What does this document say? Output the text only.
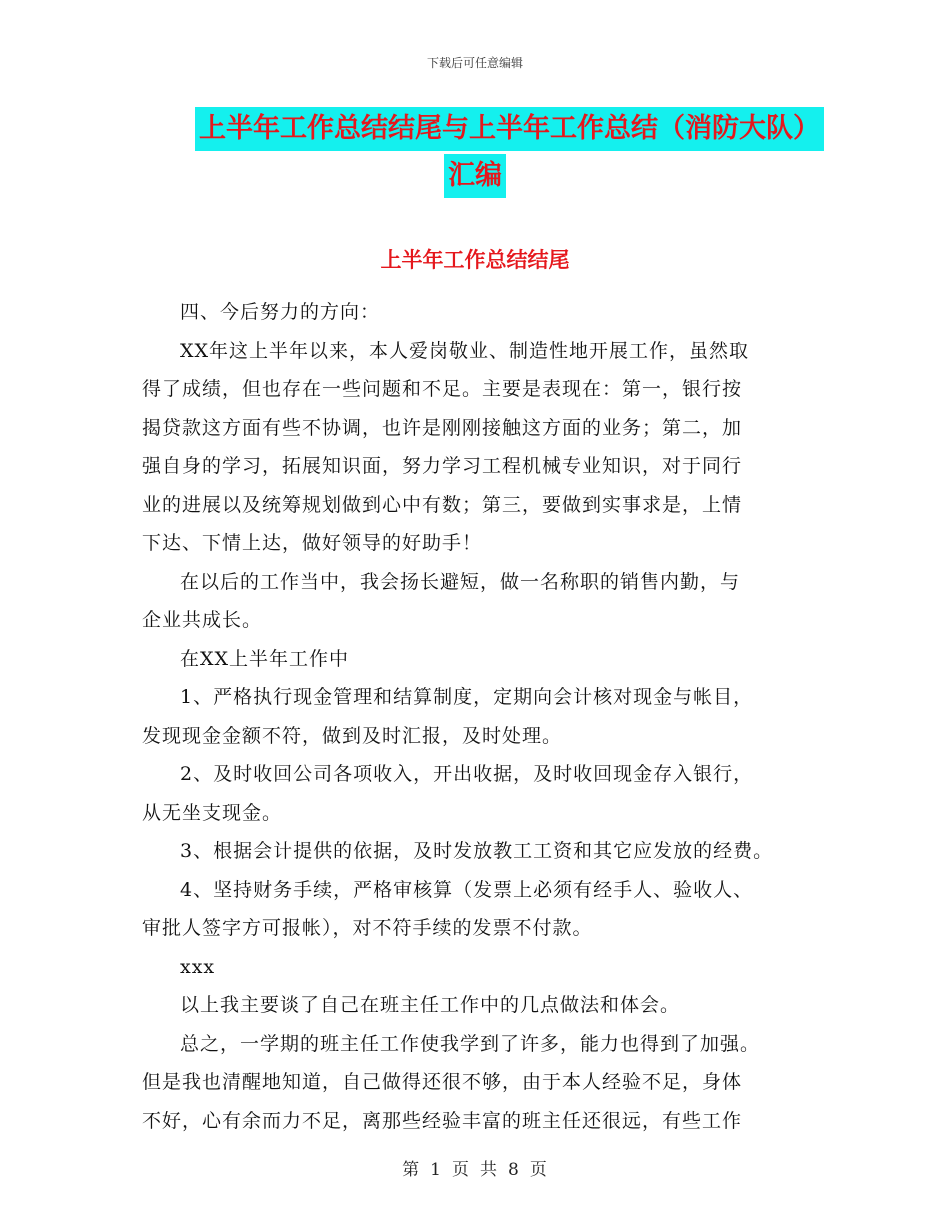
下载后可任意编辑
上半年工作总结结尾与上半年工作总结（消防大队）
汇编
上半年工作总结结尾

四、今后努力的方向：

XX年这上半年以来，本人爱岗敬业、制造性地开展工作，虽然取

得了成绩，但也存在一些问题和不足。主要是表现在：第一，银行按

揭贷款这方面有些不协调，也许是刚刚接触这方面的业务；第二，加

强自身的学习，拓展知识面，努力学习工程机械专业知识，对于同行

业的进展以及统筹规划做到心中有数；第三，要做到实事求是，上情

下达、下情上达，做好领导的好助手！

在以后的工作当中，我会扬长避短，做一名称职的销售内勤，与

企业共成长。

在XX上半年工作中

1、严格执行现金管理和结算制度，定期向会计核对现金与帐目，

发现现金金额不符，做到及时汇报，及时处理。

2、及时收回公司各项收入，开出收据，及时收回现金存入银行，

从无坐支现金。

3、根据会计提供的依据，及时发放教工工资和其它应发放的经费。

4、坚持财务手续，严格审核算（发票上必须有经手人、验收人、

审批人签字方可报帐），对不符手续的发票不付款。

xxx

以上我主要谈了自己在班主任工作中的几点做法和体会。

总之，一学期的班主任工作使我学到了许多，能力也得到了加强。

但是我也清醒地知道，自己做得还很不够，由于本人经验不足，身体

不好，心有余而力不足，离那些经验丰富的班主任还很远，有些工作

第 1 页 共 8 页
